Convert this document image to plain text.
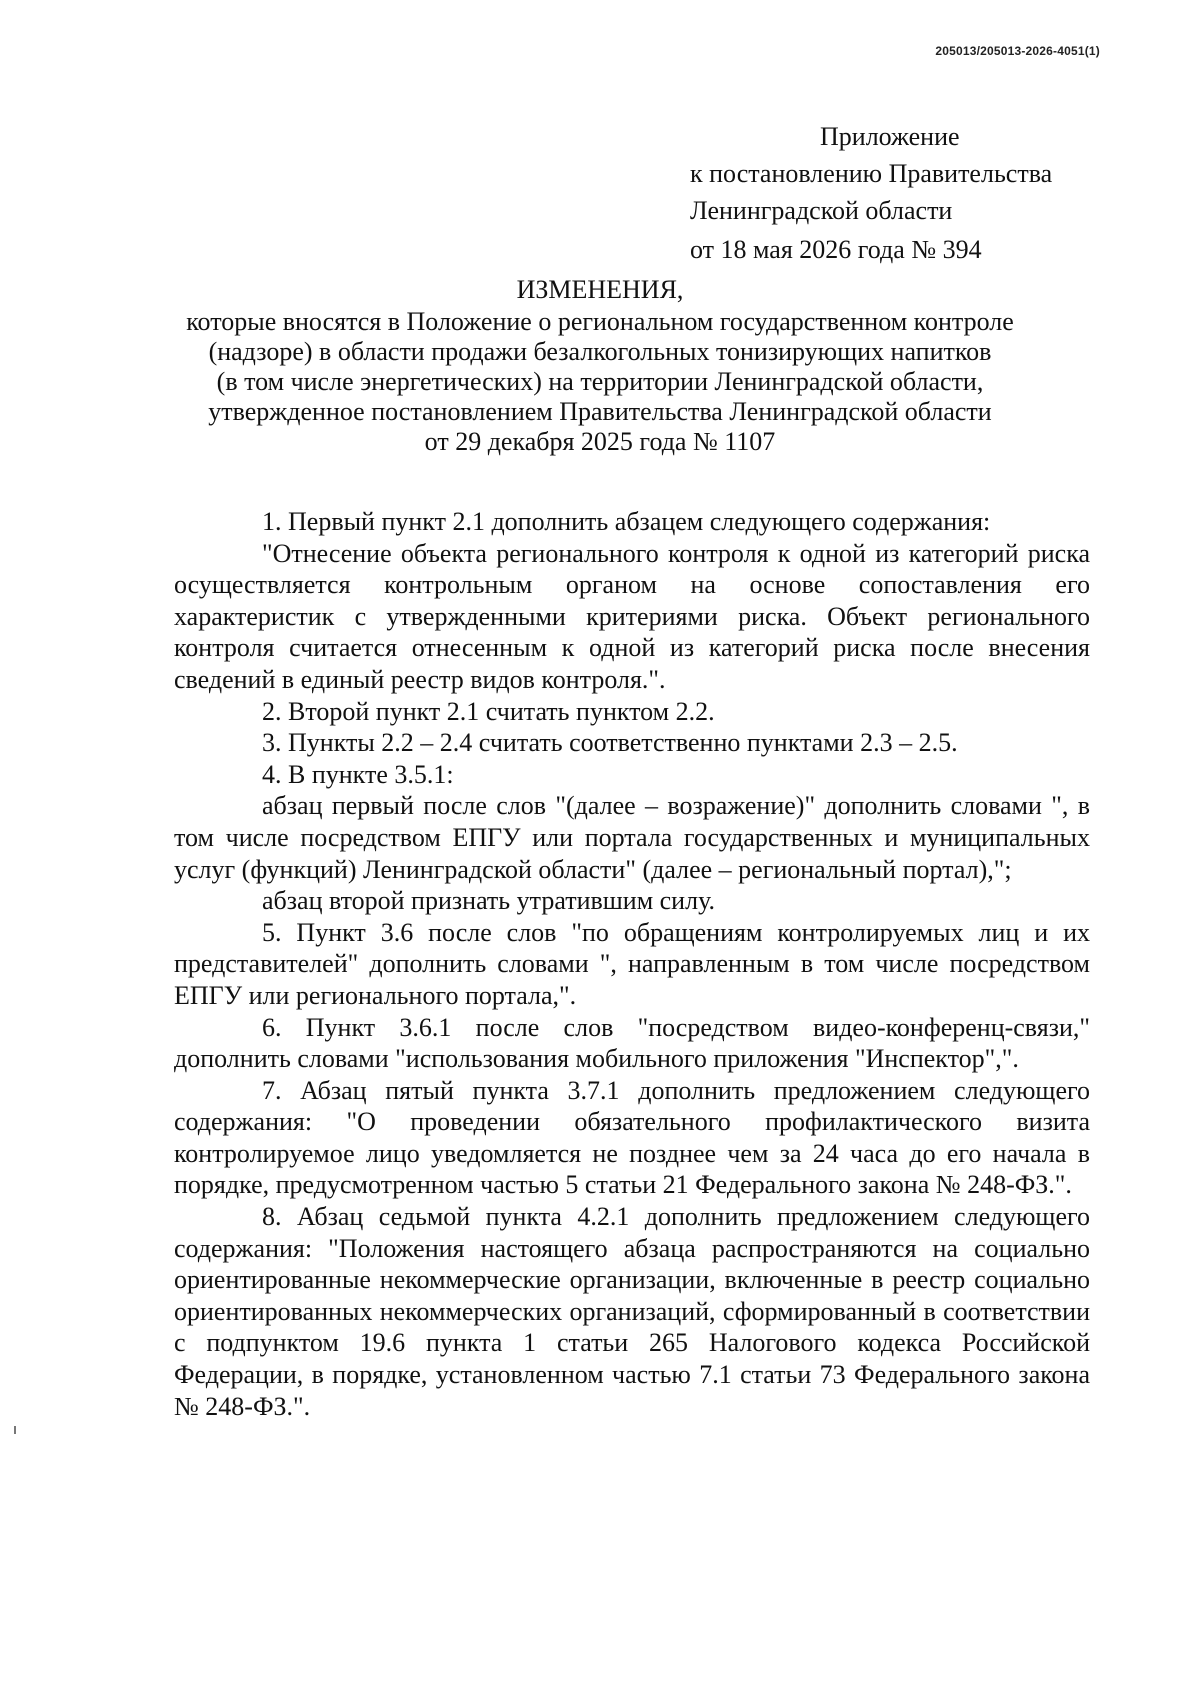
205013/205013-2026-4051(1)
Приложение
к постановлению Правительства
Ленинградской области
от 18 мая 2026 года № 394
ИЗМЕНЕНИЯ,
которые вносятся в Положение о региональном государственном контроле
(надзоре) в области продажи безалкогольных тонизирующих напитков
(в том числе энергетических) на территории Ленинградской области,
утвержденное постановлением Правительства Ленинградской области
от 29 декабря 2025 года № 1107

1. Первый пункт 2.1 дополнить абзацем следующего содержания:

"Отнесение объекта регионального контроля к одной из категорий риска осуществляется контрольным органом на основе сопоставления его характеристик с утвержденными критериями риска. Объект регионального контроля считается отнесенным к одной из категорий риска после внесения сведений в единый реестр видов контроля.".

2. Второй пункт 2.1 считать пунктом 2.2.

3. Пункты 2.2 – 2.4 считать соответственно пунктами 2.3 – 2.5.

4. В пункте 3.5.1:

абзац первый после слов "(далее – возражение)" дополнить словами ", в том числе посредством ЕПГУ или портала государственных и муниципальных услуг (функций) Ленинградской области" (далее – региональный портал),";

абзац второй признать утратившим силу.

5. Пункт 3.6 после слов "по обращениям контролируемых лиц и их представителей" дополнить словами ", направленным в том числе посредством ЕПГУ или регионального портала,".

6. Пункт 3.6.1 после слов "посредством видео-конференц-связи," дополнить словами "использования мобильного приложения "Инспектор",".

7. Абзац пятый пункта 3.7.1 дополнить предложением следующего содержания: "О проведении обязательного профилактического визита контролируемое лицо уведомляется не позднее чем за 24 часа до его начала в порядке, предусмотренном частью 5 статьи 21 Федерального закона № 248-ФЗ.".

8. Абзац седьмой пункта 4.2.1 дополнить предложением следующего содержания: "Положения настоящего абзаца распространяются на социально ориентированные некоммерческие организации, включенные в реестр социально ориентированных некоммерческих организаций, сформированный в соответствии с подпунктом 19.6 пункта 1 статьи 265 Налогового кодекса Российской Федерации, в порядке, установленном частью 7.1 статьи 73 Федерального закона № 248-ФЗ.".
